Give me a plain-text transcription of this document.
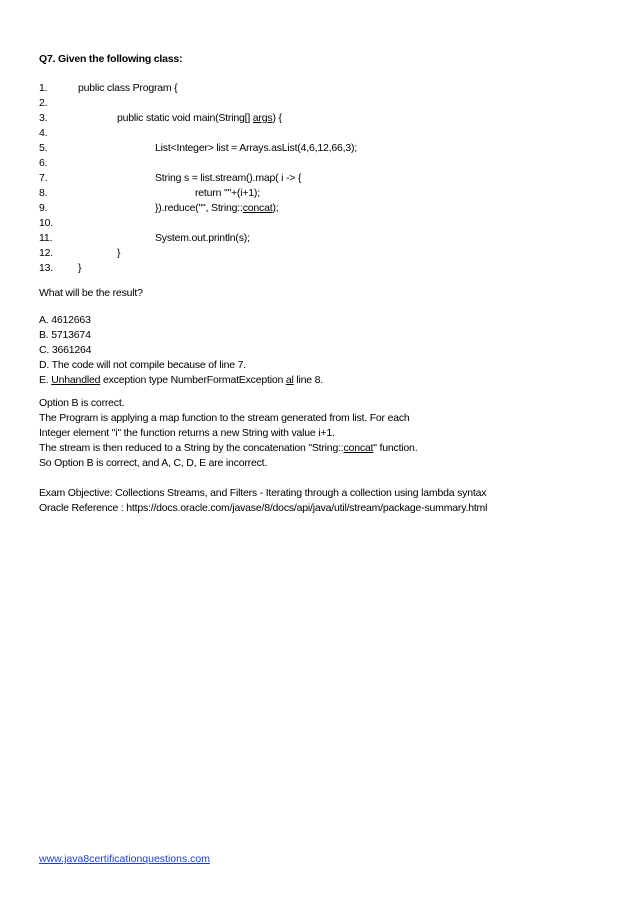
Q7. Given the following class:
1.	public class Program {
2.
3.	public static void main(String[] args) {
4.
5.	List<Integer> list = Arrays.asList(4,6,12,66,3);
6.
7.	String s = list.stream().map( i -> {
8.	return ""+(i+1);
9.	}).reduce("", String::concat);
10.
11.	System.out.println(s);
12.	}
13.	}
What will be the result?
A. 4612663
B. 5713674
C. 3661264
D. The code will not compile because of line 7.
E. Unhandled exception type NumberFormatException al line 8.
Option B is correct.
The Program is applying a map function to the stream generated from list. For each
Integer element "i" the function returns a new String with value i+1.
The stream is then reduced to a String by the concatenation "String::concat" function.
So Option B is correct, and A, C, D, E are incorrect.
Exam Objective: Collections Streams, and Filters - Iterating through a collection using lambda syntax
Oracle Reference : https://docs.oracle.com/javase/8/docs/api/java/util/stream/package-summary.html
www.java8certificationquestions.com
